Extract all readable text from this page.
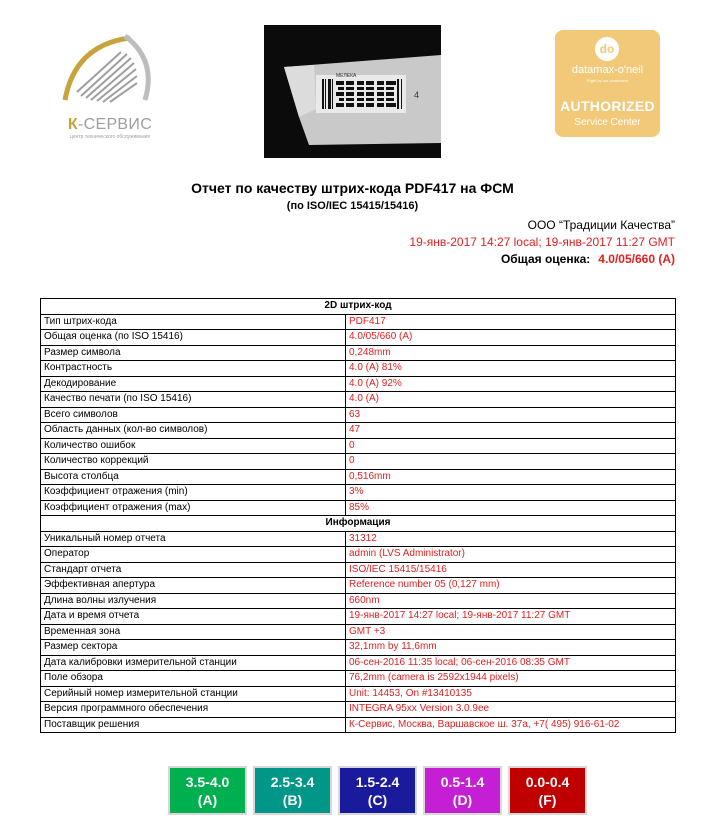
К-СЕРВИС
центр технического обслуживания
МЕЛЕКА
4
do
datamax-o'neil
Right by our customers
AUTHORIZED
Service Center
Отчет по качеству штрих-кода PDF417 на ФСМ
(по ISO/IEC 15415/15416)
ООО “Традиции Качества”
19-янв-2017 14:27 local; 19-янв-2017 11:27 GMT
Общая оценка: 4.0/05/660 (A)
2D штрих-код	
Тип штрих-кода	PDF417
Общая оценка (по ISO 15416)	4.0/05/660 (A)
Размер символа	0,248mm
Контрастность	4.0 (A) 81%
Декодирование	4.0 (A) 92%
Качество печати (по ISO 15416)	4.0 (A)
Всего символов	63
Область данных (кол-во символов)	47
Количество ошибок	0
Количество коррекций	0
Высота столбца	0,516mm
Коэффициент отражения (min)	3%
Коэффициент отражения (max)	85%
Информация	
Уникальный номер отчета	31312
Оператор	admin (LVS Administrator)
Стандарт отчета	ISO/IEC 15415/15416
Эффективная апертура	Reference number 05 (0,127 mm)
Длина волны излучения	660nm
Дата и время отчета	19-янв-2017 14:27 local; 19-янв-2017 11:27 GMT
Временная зона	GMT +3
Размер сектора	32,1mm by 11,6mm
Дата калибровки измерительной станции	06-сен-2016 11:35 local; 06-сен-2016 08:35 GMT
Поле обзора	76,2mm (camera is 2592x1944 pixels)
Серийный номер измерительной станции	Unit: 14453, On #13410135
Версия программного обеспечения	INTEGRA 95xx Version 3.0.9ee
Поставщик решения	К-Сервис, Москва, Варшавское ш. 37а, +7( 495) 916-61-02
3.5-4.0
(A)
2.5-3.4
(B)
1.5-2.4
(C)
0.5-1.4
(D)
0.0-0.4
(F)
